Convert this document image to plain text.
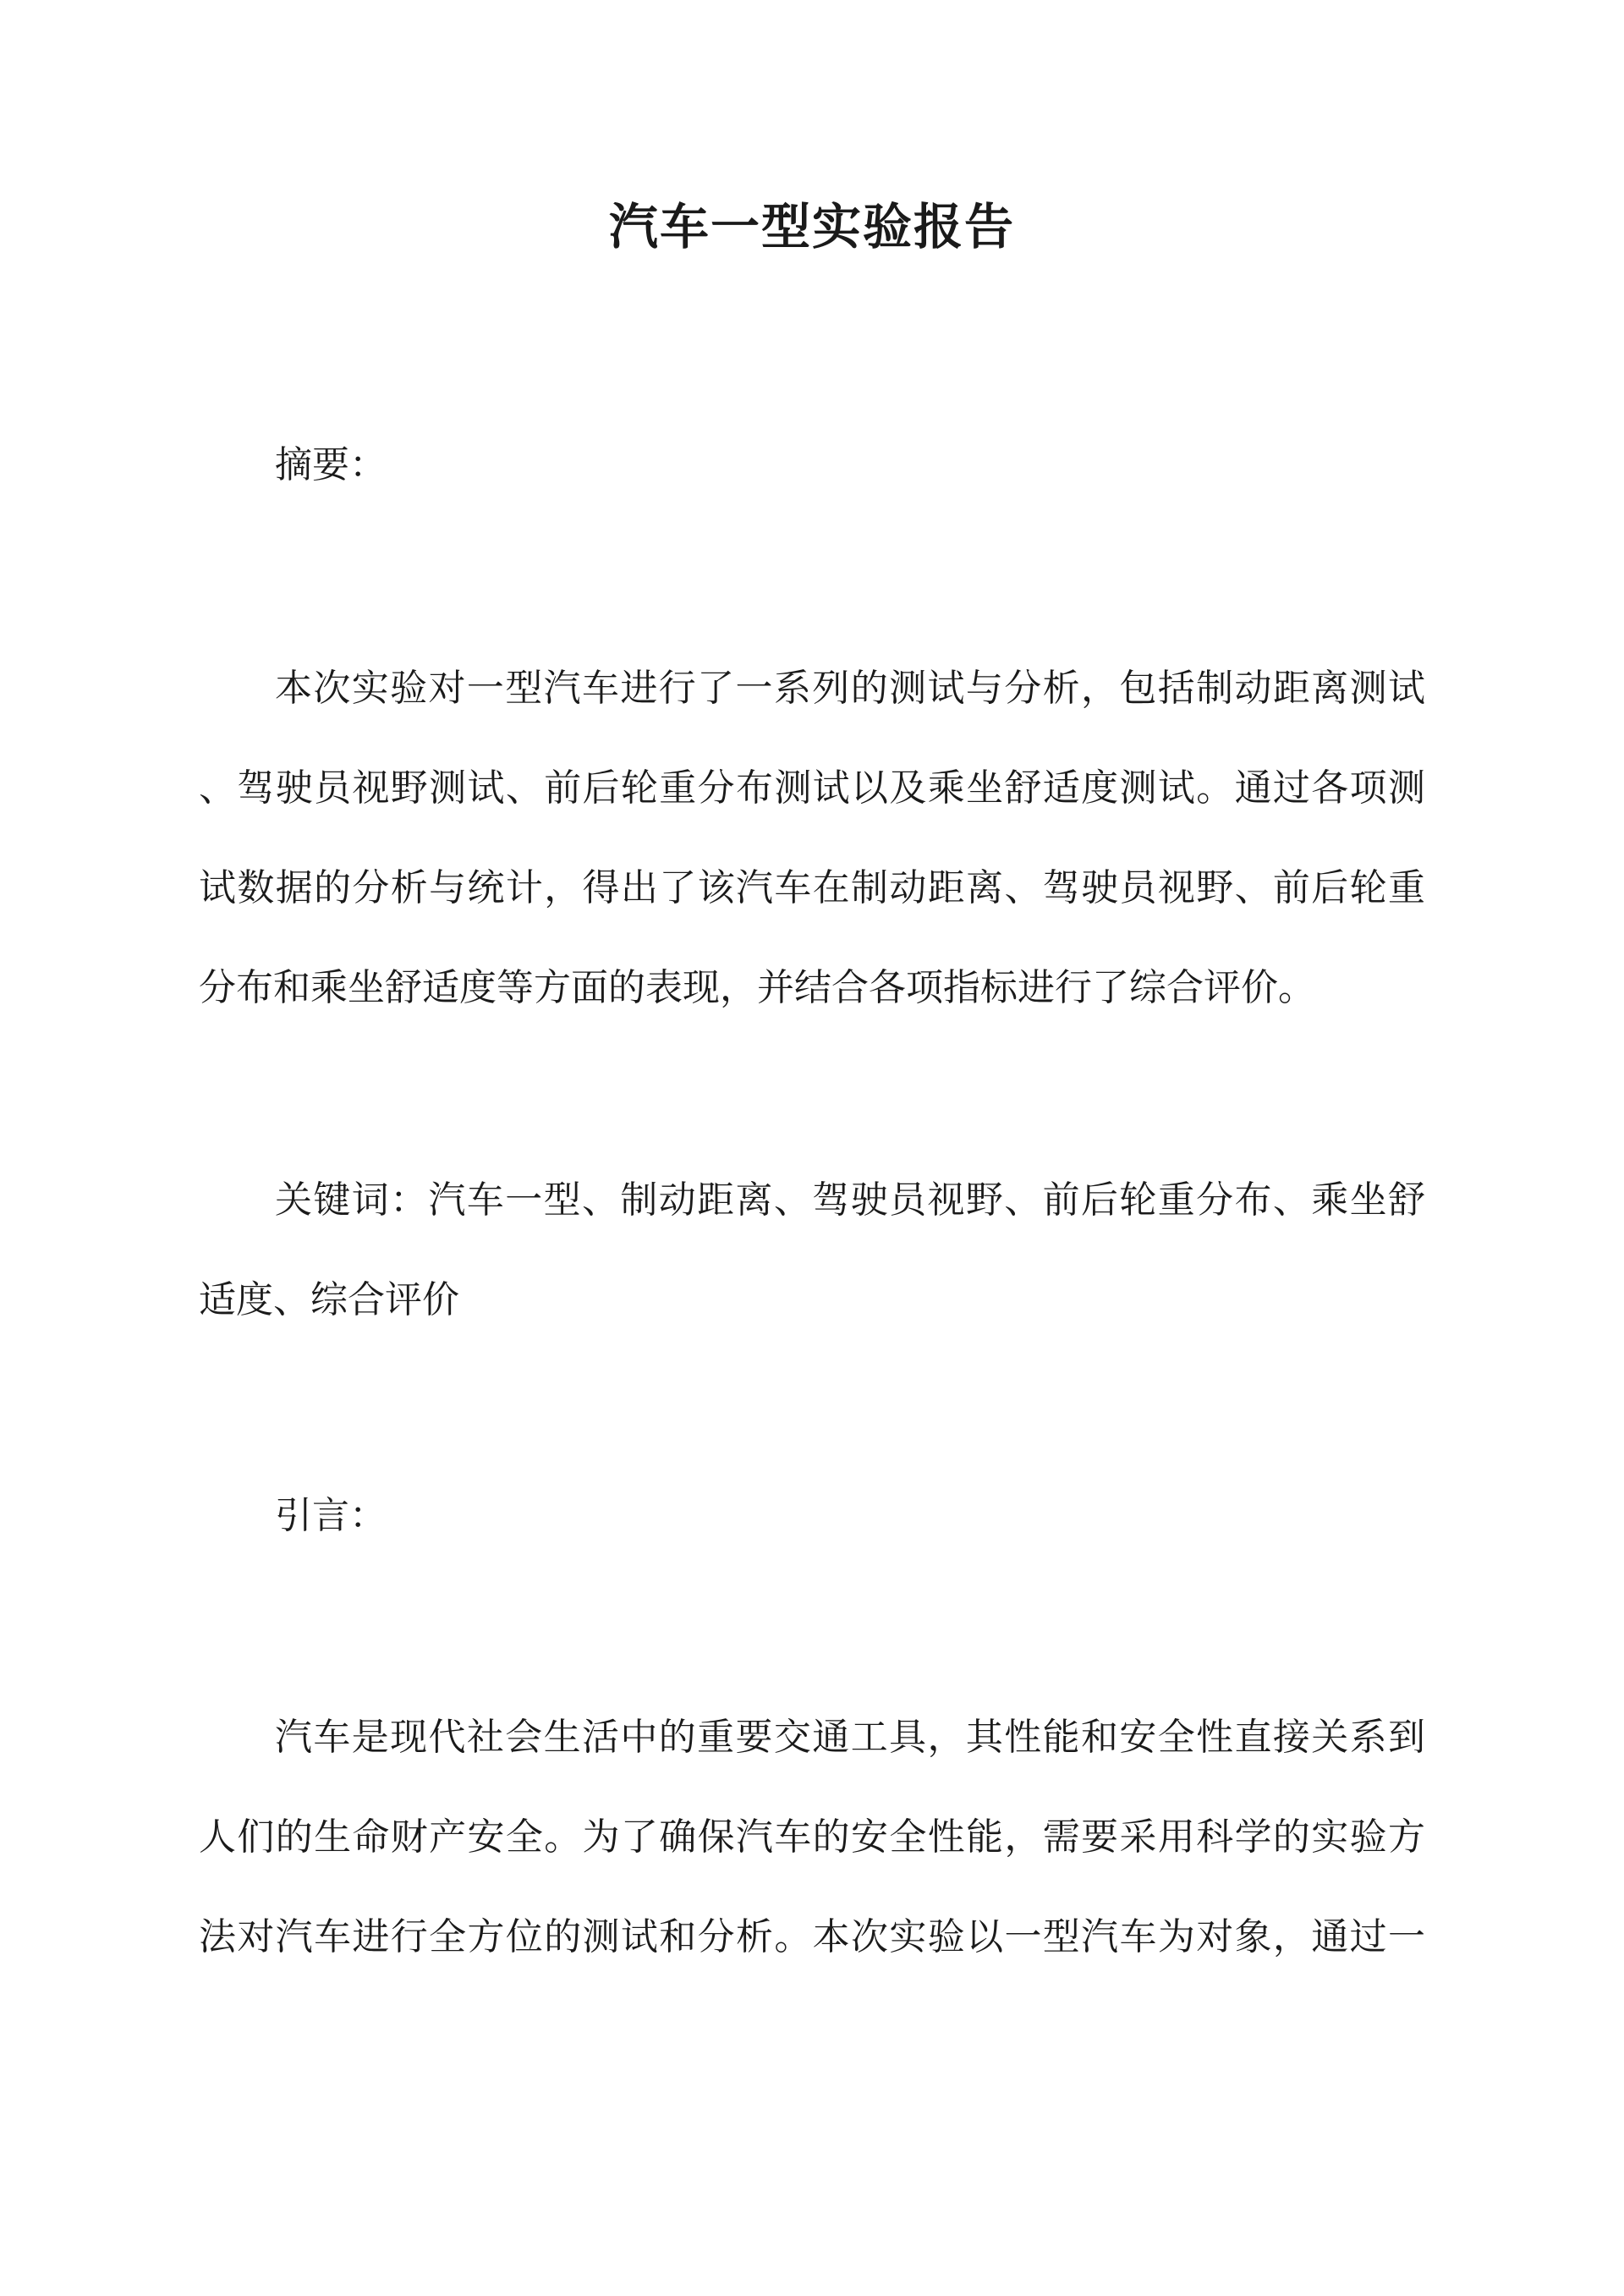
汽车一型实验报告

摘要：

本次实验对一型汽车进行了一系列的测试与分析，包括制动距离测试
、驾驶员视野测试、前后轮重分布测试以及乘坐舒适度测试。通过各项测
试数据的分析与统计，得出了该汽车在制动距离、驾驶员视野、前后轮重
分布和乘坐舒适度等方面的表现，并结合各项指标进行了综合评价。
关键词：汽车一型、制动距离、驾驶员视野、前后轮重分布、乘坐舒
适度、综合评价

引言：

汽车是现代社会生活中的重要交通工具，其性能和安全性直接关系到
人们的生命财产安全。为了确保汽车的安全性能，需要采用科学的实验方
法对汽车进行全方位的测试和分析。本次实验以一型汽车为对象，通过一
